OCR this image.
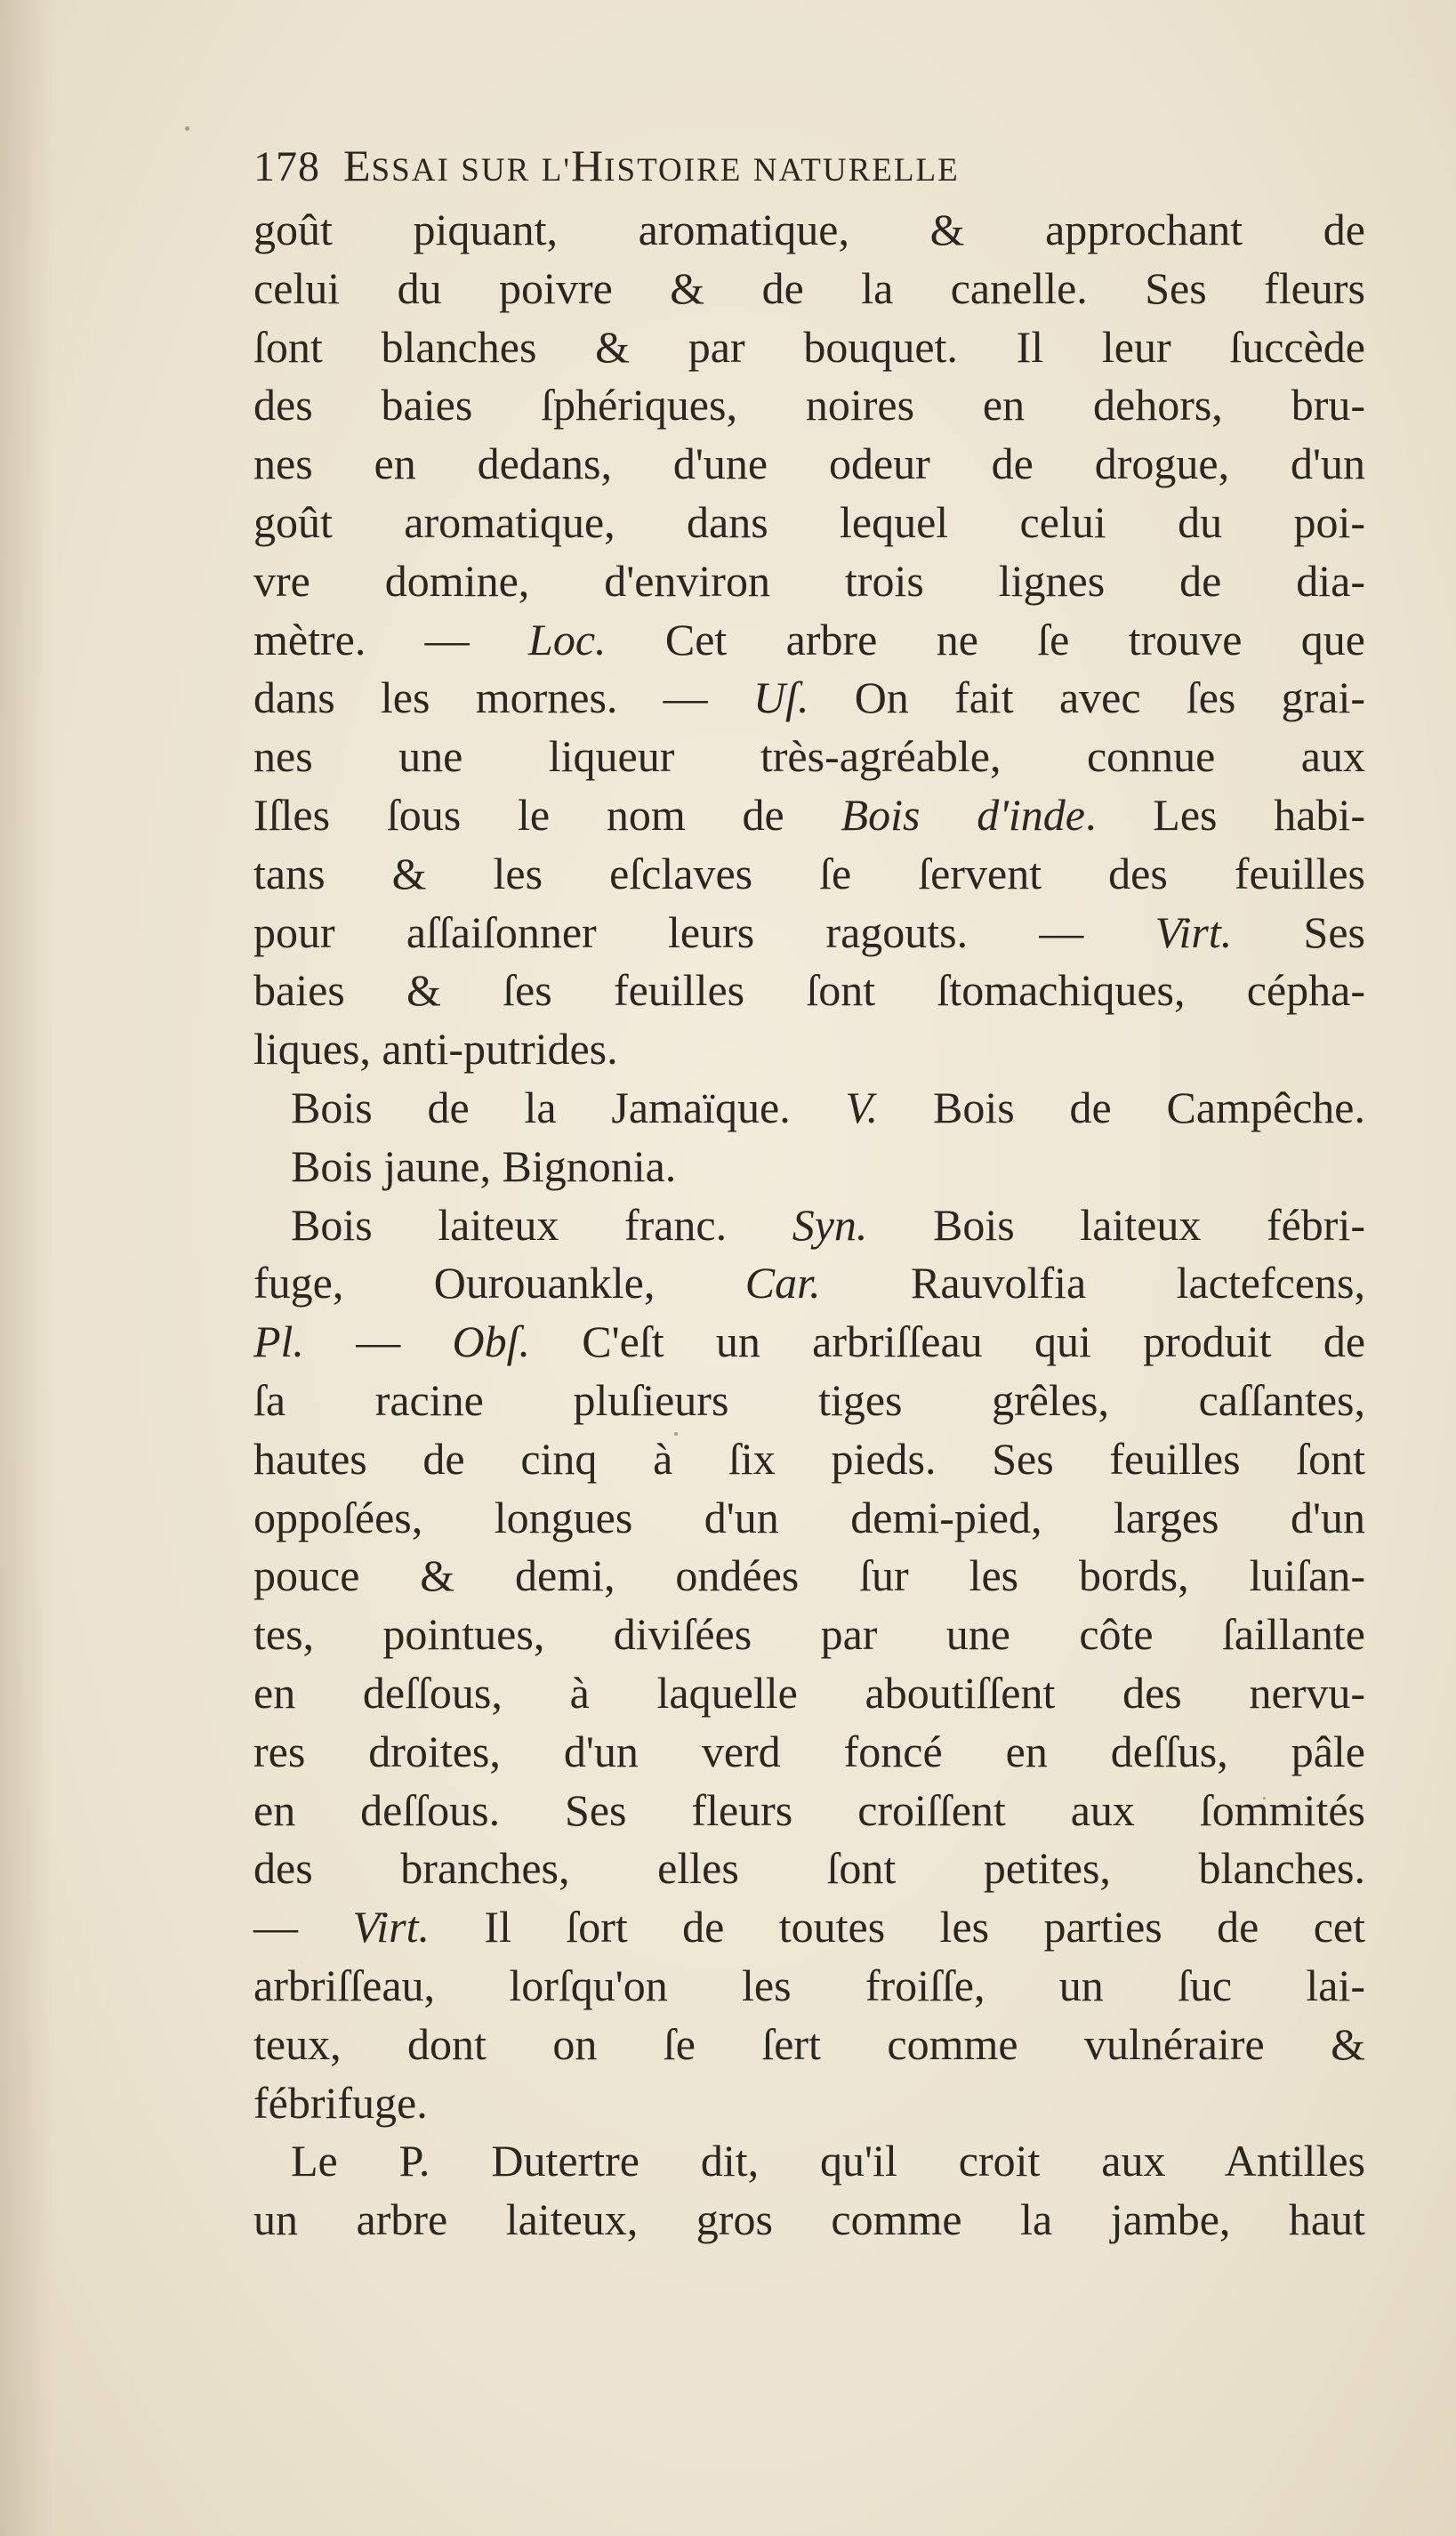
178 ESSAI SUR L'HISTOIRE NATURELLE
goût piquant, aromatique, & approchant de
celui du poivre & de la canelle. Ses fleurs
ſont blanches & par bouquet. Il leur ſuccède
des baies ſphériques, noires en dehors, bru-
nes en dedans, d'une odeur de drogue, d'un
goût aromatique, dans lequel celui du poi-
vre domine, d'environ trois lignes de dia-
mètre. — Loc. Cet arbre ne ſe trouve que
dans les mornes. — Uſ. On fait avec ſes grai-
nes une liqueur très-agréable, connue aux
Iſles ſous le nom de Bois d'inde. Les habi-
tans & les eſclaves ſe ſervent des feuilles
pour aſſaiſonner leurs ragouts. — Virt. Ses
baies & ſes feuilles ſont ſtomachiques, cépha-
liques, anti-putrides.
Bois de la Jamaïque. V. Bois de Campêche.
Bois jaune, Bignonia.
Bois laiteux franc. Syn. Bois laiteux fébri-
fuge, Ourouankle, Car. Rauvolfia lactefcens,
Pl. — Obſ. C'eſt un arbriſſeau qui produit de
ſa racine pluſieurs tiges grêles, caſſantes,
hautes de cinq à ſix pieds. Ses feuilles ſont
oppoſées, longues d'un demi-pied, larges d'un
pouce & demi, ondées ſur les bords, luiſan-
tes, pointues, diviſées par une côte ſaillante
en deſſous, à laquelle aboutiſſent des nervu-
res droites, d'un verd foncé en deſſus, pâle
en deſſous. Ses fleurs croiſſent aux ſommités
des branches, elles ſont petites, blanches.
— Virt. Il ſort de toutes les parties de cet
arbriſſeau, lorſqu'on les froiſſe, un ſuc lai-
teux, dont on ſe ſert comme vulnéraire &
fébrifuge.
Le P. Dutertre dit, qu'il croit aux Antilles
un arbre laiteux, gros comme la jambe, haut
